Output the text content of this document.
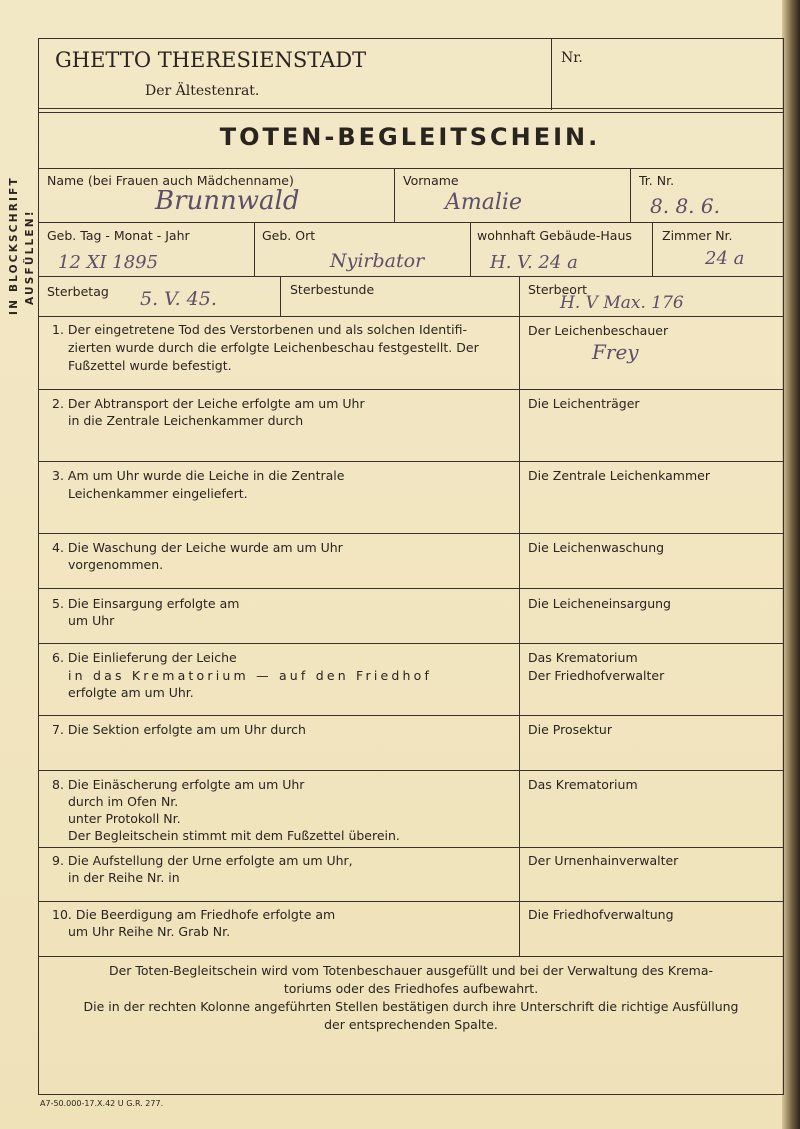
IN BLOCKSCHRIFT AUSFÜLLEN!
GHETTO THERESIENSTADT
Der Ältestenrat.
Nr.
TOTEN-BEGLEITSCHEIN.
Name (bei Frauen auch Mädchenname)
Brunnwald
Vorname
Amalie
Tr. Nr.
8. 8. 6.
Geb. Tag - Monat - Jahr
12 XI 1895
Geb. Ort
Nyirbator
wohnhaft Gebäude-Haus
H. V. 24 a
Zimmer Nr.
24 a
Sterbetag 5. V. 45.	Sterbestunde	Sterbeort
H. V Max. 176
1. Der eingetretene Tod des Verstorbenen und als solchen Identifi-
zierten wurde durch die erfolgte Leichenbeschau festgestellt. Der
Fußzettel wurde befestigt.
Der Leichenbeschauer
Frey
2. Der Abtransport der Leiche erfolgte am um Uhr
in die Zentrale Leichenkammer durch
Die Leichenträger
3. Am um Uhr wurde die Leiche in die Zentrale
Leichenkammer eingeliefert.
Die Zentrale Leichenkammer
4. Die Waschung der Leiche wurde am um Uhr
vorgenommen.
Die Leichenwaschung
5. Die Einsargung erfolgte am
um Uhr
Die Leicheneinsargung
6. Die Einlieferung der Leiche
in das Krematorium — auf den Friedhof
erfolgte am um Uhr.
Das Krematorium
Der Friedhofverwalter
7. Die Sektion erfolgte am um Uhr durch	Die Prosektur
8. Die Einäscherung erfolgte am um Uhr
durch im Ofen Nr.
unter Protokoll Nr.
Der Begleitschein stimmt mit dem Fußzettel überein.
Das Krematorium
9. Die Aufstellung der Urne erfolgte am um Uhr,
in der Reihe Nr. in
Der Urnenhainverwalter
10. Die Beerdigung am Friedhofe erfolgte am
um Uhr Reihe Nr. Grab Nr.
Die Friedhofverwaltung
Der Toten-Begleitschein wird vom Totenbeschauer ausgefüllt und bei der Verwaltung des Krema-
toriums oder des Friedhofes aufbewahrt.
Die in der rechten Kolonne angeführten Stellen bestätigen durch ihre Unterschrift die richtige Ausfüllung
der entsprechenden Spalte.
A7-50.000-17.X.42 U G.R. 277.
